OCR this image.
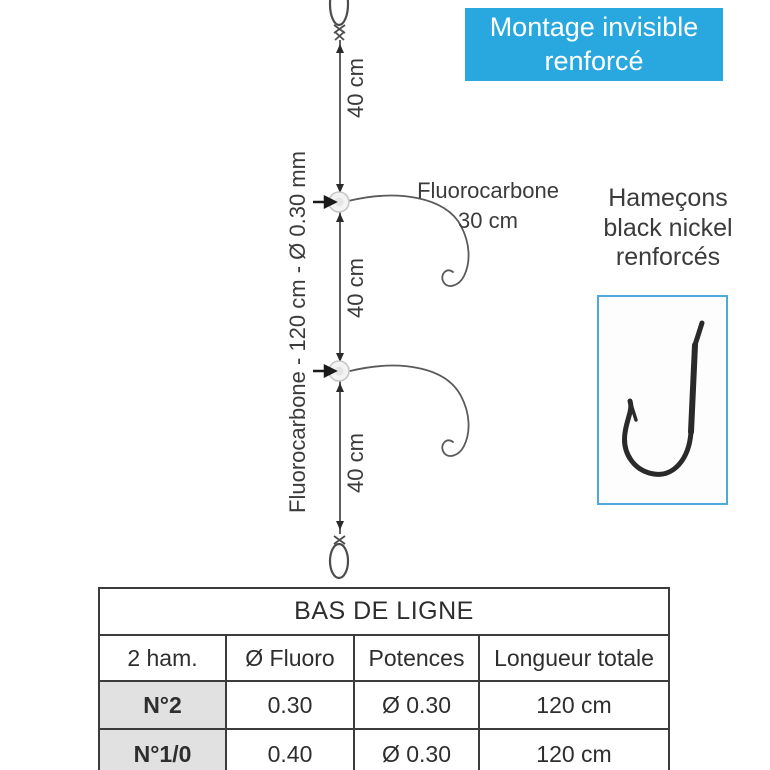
Montage invisible
renforcé
Fluorocarbone - 120 cm - Ø 0.30 mm
40 cm
40 cm
40 cm
Fluorocarbone
30 cm
Hameçons
black nickel
renforcés
BAS DE LIGNE
2 ham.	Ø Fluoro	Potences	Longueur totale
N°2	0.30	Ø 0.30	120 cm
N°1/0	0.40	Ø 0.30	120 cm
